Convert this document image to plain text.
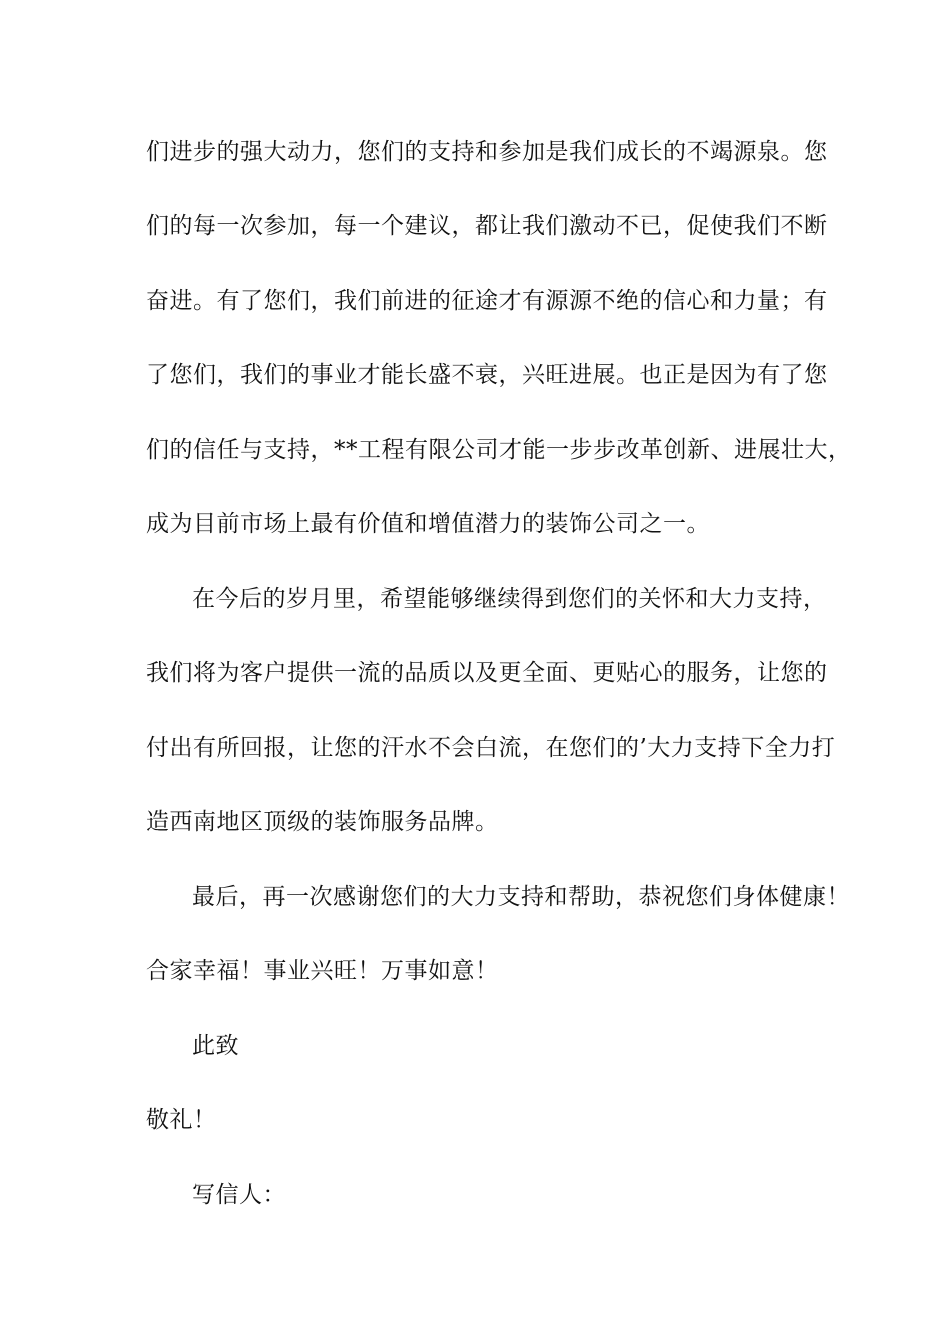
们进步的强大动力，您们的支持和参加是我们成长的不竭源泉。您
们的每一次参加，每一个建议，都让我们激动不已，促使我们不断
奋进。有了您们，我们前进的征途才有源源不绝的信心和力量；有
了您们，我们的事业才能长盛不衰，兴旺进展。也正是因为有了您
们的信任与支持，**工程有限公司才能一步步改革创新、进展壮大，
成为目前市场上最有价值和增值潜力的装饰公司之一。
在今后的岁月里，希望能够继续得到您们的关怀和大力支持，
我们将为客户提供一流的品质以及更全面、更贴心的服务，让您的
付出有所回报，让您的汗水不会白流，在您们的’大力支持下全力打
造西南地区顶级的装饰服务品牌。
最后，再一次感谢您们的大力支持和帮助，恭祝您们身体健康！
合家幸福！事业兴旺！万事如意！
此致
敬礼！
写信人：
